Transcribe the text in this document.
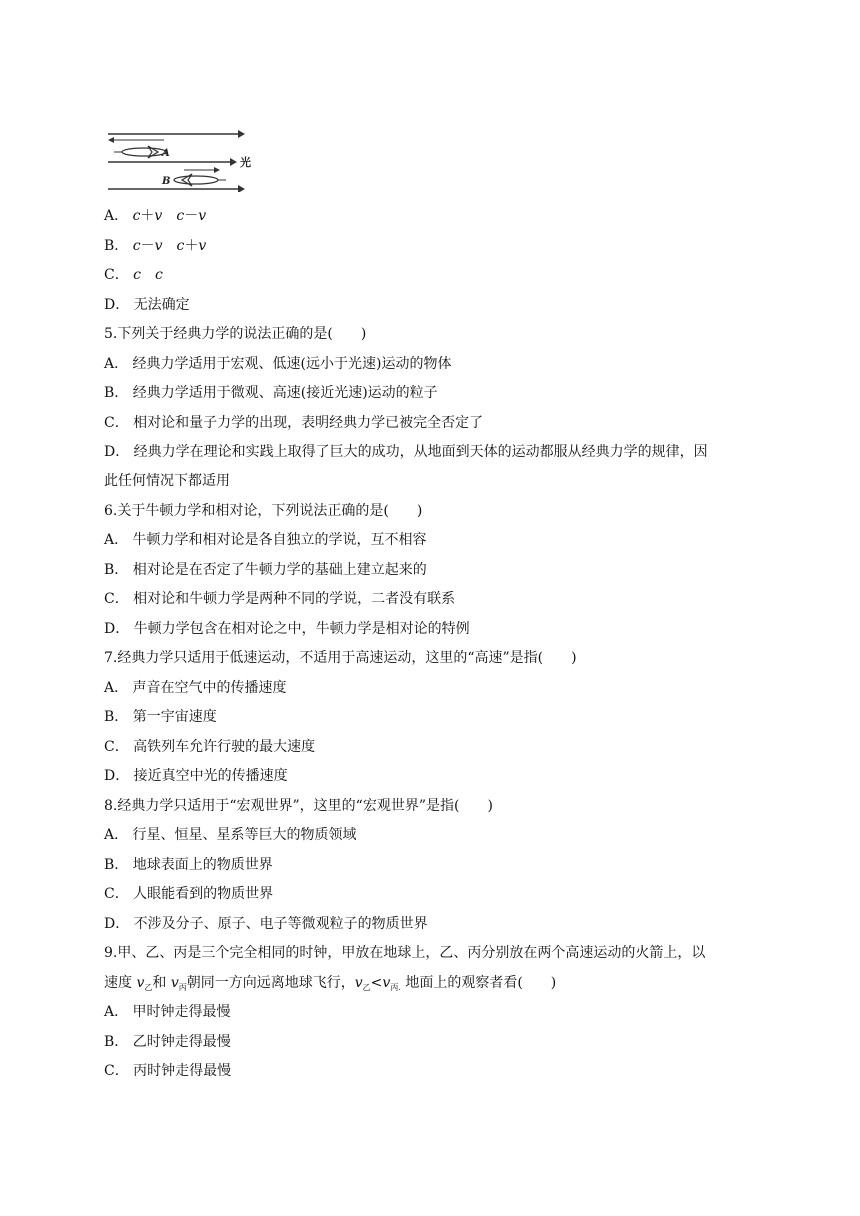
A
光
B
A． c＋v　 c－v
B． c－v　 c＋v
C． c　 c
D． 无法确定
5.下列关于经典力学的说法正确的是(　　)
A． 经典力学适用于宏观、低速(远小于光速)运动的物体
B． 经典力学适用于微观、高速(接近光速)运动的粒子
C． 相对论和量子力学的出现，表明经典力学已被完全否定了
D． 经典力学在理论和实践上取得了巨大的成功，从地面到天体的运动都服从经典力学的规律，因
此任何情况下都适用
6.关于牛顿力学和相对论，下列说法正确的是(　　)
A． 牛顿力学和相对论是各自独立的学说，互不相容
B． 相对论是在否定了牛顿力学的基础上建立起来的
C． 相对论和牛顿力学是两种不同的学说，二者没有联系
D． 牛顿力学包含在相对论之中，牛顿力学是相对论的特例
7.经典力学只适用于低速运动，不适用于高速运动，这里的“高速”是指(　　)
A． 声音在空气中的传播速度
B． 第一宇宙速度
C． 高铁列车允许行驶的最大速度
D． 接近真空中光的传播速度
8.经典力学只适用于“宏观世界”，这里的“宏观世界”是指(　　)
A． 行星、恒星、星系等巨大的物质领域
B． 地球表面上的物质世界
C． 人眼能看到的物质世界
D． 不涉及分子、原子、电子等微观粒子的物质世界
9.甲、乙、丙是三个完全相同的时钟，甲放在地球上，乙、丙分别放在两个高速运动的火箭上，以
速度 $v_乙$和 $v_丙$朝同一方向远离地球飞行，$v_乙<v_{丙.}$ 地面上的观察者看(　　)
A． 甲时钟走得最慢
B． 乙时钟走得最慢
C． 丙时钟走得最慢
